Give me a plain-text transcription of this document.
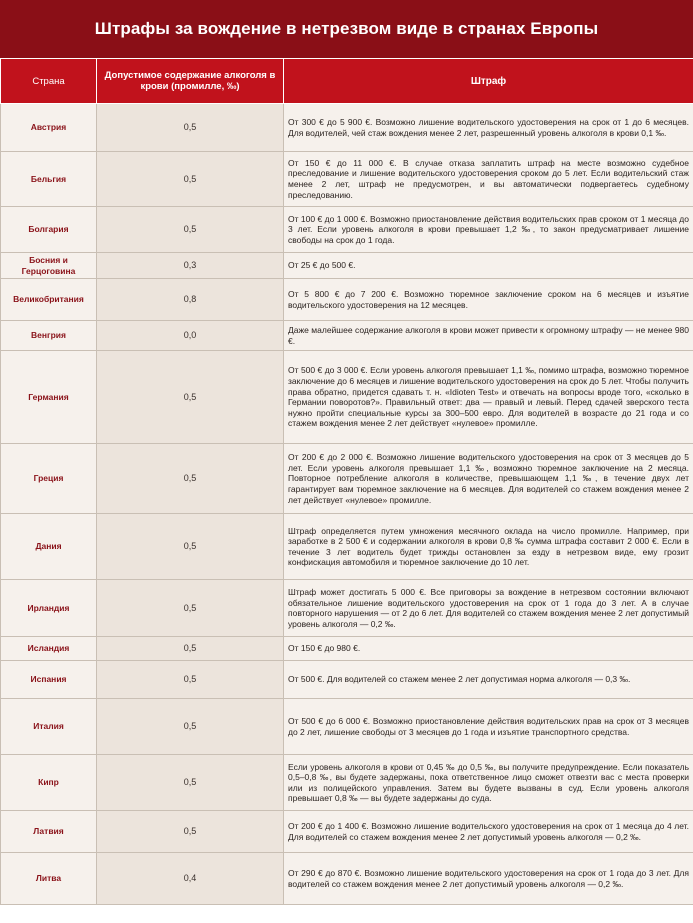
Штрафы за вождение в нетрезвом виде в странах Европы
Страна	Допустимое содержание алкоголя в крови (промилле, ‰)	Штраф
Австрия	0,5	От 300 € до 5 900 €. Возможно лишение водительского удостоверения на срок от 1 до 6 месяцев. Для водителей, чей стаж вождения менее 2 лет, разрешенный уровень алкоголя в крови 0,1 ‰.
Бельгия	0,5	От 150 € до 11 000 €. В случае отказа заплатить штраф на месте возможно судебное преследование и лишение водительского удостоверения сроком до 5 лет. Если водительский стаж менее 2 лет, штраф не предусмотрен, и вы автоматически подвергаетесь судебному преследованию.
Болгария	0,5	От 100 € до 1 000 €. Возможно приостановление действия водительских прав сроком от 1 месяца до 3 лет. Если уровень алкоголя в крови превышает 1,2 ‰, то закон предусматривает лишение свободы на срок до 1 года.
Босния и Герцоговина	0,3	От 25 € до 500 €.
Великобритания	0,8	От 5 800 € до 7 200 €. Возможно тюремное заключение сроком на 6 месяцев и изъятие водительского удостоверения на 12 месяцев.
Венгрия	0,0	Даже малейшее содержание алкоголя в крови может привести к огромному штрафу — не менее 980 €.
Германия	0,5	От 500 € до 3 000 €. Если уровень алкоголя превышает 1,1 ‰, помимо штрафа, возможно тюремное заключение до 6 месяцев и лишение водительского удостоверения на срок до 5 лет. Чтобы получить права обратно, придется сдавать т. н. «Idioten Test» и отвечать на вопросы вроде того, «сколько в Германии поворотов?». Правильный ответ: два — правый и левый. Перед сдачей зверского теста нужно пройти специальные курсы за 300–500 евро. Для водителей в возрасте до 21 года и со стажем вождения менее 2 лет действует «нулевое» промилле.
Греция	0,5	От 200 € до 2 000 €. Возможно лишение водительского удостоверения на срок от 3 месяцев до 5 лет. Если уровень алкоголя превышает 1,1 ‰, возможно тюремное заключение на 2 месяца. Повторное потребление алкоголя в количестве, превышающем 1,1 ‰, в течение двух лет гарантирует вам тюремное заключение на 6 месяцев. Для водителей со стажем вождения менее 2 лет действует «нулевое» промилле.
Дания	0,5	Штраф определяется путем умножения месячного оклада на число промилле. Например, при заработке в 2 500 € и содержании алкоголя в крови 0,8 ‰ сумма штрафа составит 2 000 €. Если в течение 3 лет водитель будет трижды остановлен за езду в нетрезвом виде, ему грозит конфискация автомобиля и тюремное заключение до 10 лет.
Ирландия	0,5	Штраф может достигать 5 000 €. Все приговоры за вождение в нетрезвом состоянии включают обязательное лишение водительского удостоверения на срок от 1 года до 3 лет. А в случае повторного нарушения — от 2 до 6 лет. Для водителей со стажем вождения менее 2 лет допустимый уровень алкоголя — 0,2 ‰.
Исландия	0,5	От 150 € до 980 €.
Испания	0,5	От 500 €. Для водителей со стажем менее 2 лет допустимая норма алкоголя — 0,3 ‰.
Италия	0,5	От 500 € до 6 000 €. Возможно приостановление действия водительских прав на срок от 3 месяцев до 2 лет, лишение свободы от 3 месяцев до 1 года и изъятие транспортного средства.
Кипр	0,5	Если уровень алкоголя в крови от 0,45 ‰ до 0,5 ‰, вы получите предупреждение. Если показатель 0,5–0,8 ‰, вы будете задержаны, пока ответственное лицо сможет отвезти вас с места проверки или из полицейского управления. Затем вы будете вызваны в суд. Если уровень алкоголя превышает 0,8 ‰ — вы будете задержаны до суда.
Латвия	0,5	От 200 € до 1 400 €. Возможно лишение водительского удостоверения на срок от 1 месяца до 4 лет. Для водителей со стажем вождения менее 2 лет допустимый уровень алкоголя — 0,2 ‰.
Литва	0,4	От 290 € до 870 €. Возможно лишение водительского удостоверения на срок от 1 года до 3 лет. Для водителей со стажем вождения менее 2 лет допустимый уровень алкоголя — 0,2 ‰.
